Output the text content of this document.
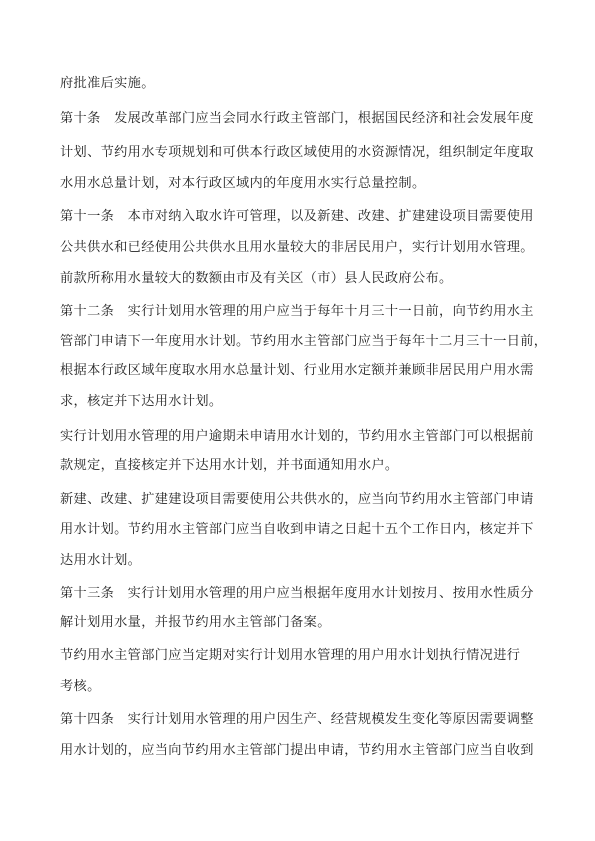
府批准后实施。
第十条　发展改革部门应当会同水行政主管部门，根据国民经济和社会发展年度
计划、节约用水专项规划和可供本行政区域使用的水资源情况，组织制定年度取
水用水总量计划，对本行政区域内的年度用水实行总量控制。
第十一条　本市对纳入取水许可管理，以及新建、改建、扩建建设项目需要使用
公共供水和已经使用公共供水且用水量较大的非居民用户，实行计划用水管理。
前款所称用水量较大的数额由市及有关区（市）县人民政府公布。
第十二条　实行计划用水管理的用户应当于每年十月三十一日前，向节约用水主
管部门申请下一年度用水计划。节约用水主管部门应当于每年十二月三十一日前，
根据本行政区域年度取水用水总量计划、行业用水定额并兼顾非居民用户用水需
求，核定并下达用水计划。
实行计划用水管理的用户逾期未申请用水计划的，节约用水主管部门可以根据前
款规定，直接核定并下达用水计划，并书面通知用水户。
新建、改建、扩建建设项目需要使用公共供水的，应当向节约用水主管部门申请
用水计划。节约用水主管部门应当自收到申请之日起十五个工作日内，核定并下
达用水计划。
第十三条　实行计划用水管理的用户应当根据年度用水计划按月、按用水性质分
解计划用水量，并报节约用水主管部门备案。
节约用水主管部门应当定期对实行计划用水管理的用户用水计划执行情况进行
考核。
第十四条　实行计划用水管理的用户因生产、经营规模发生变化等原因需要调整
用水计划的，应当向节约用水主管部门提出申请，节约用水主管部门应当自收到
